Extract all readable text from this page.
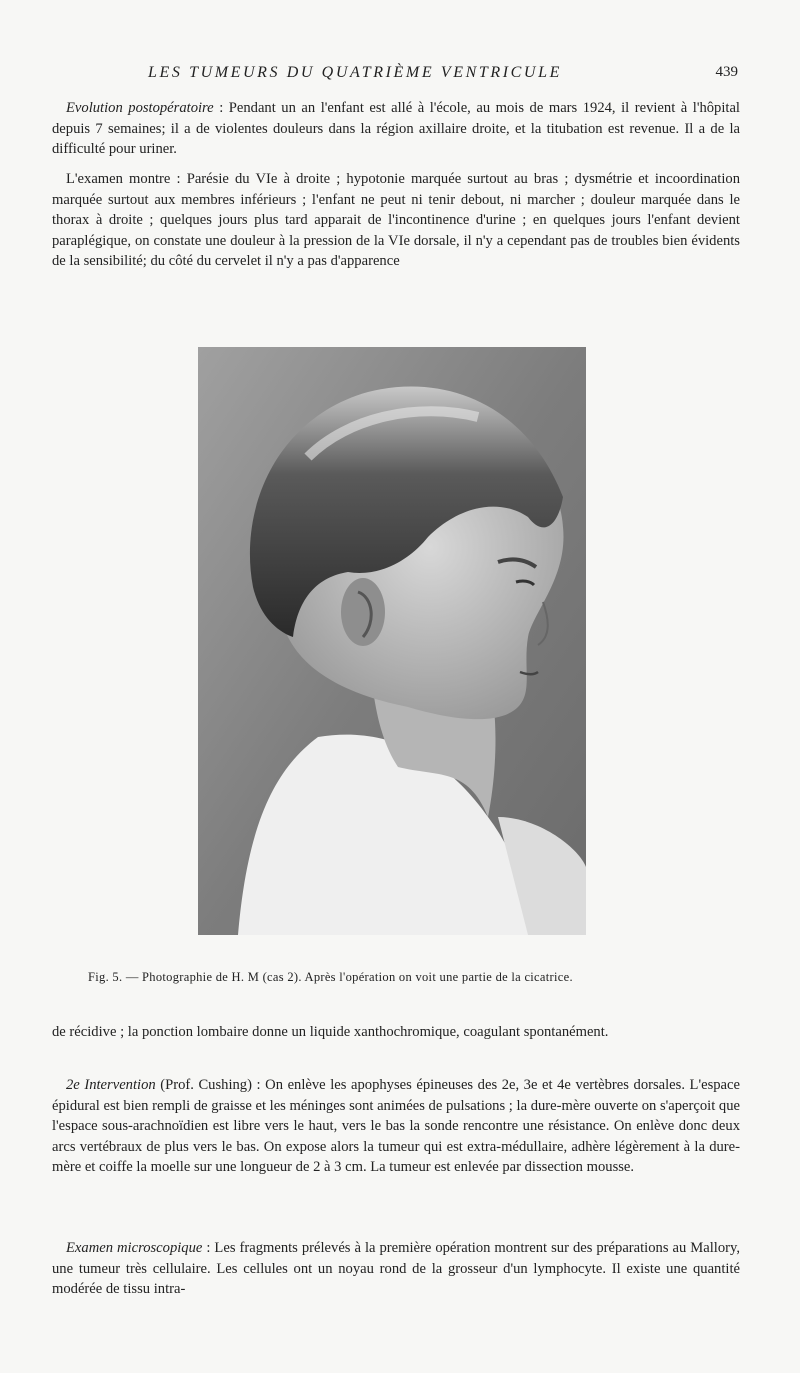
LES TUMEURS DU QUATRIÈME VENTRICULE	439

Evolution postopératoire : Pendant un an l'enfant est allé à l'école, au mois de mars 1924, il revient à l'hôpital depuis 7 semaines; il a de violentes douleurs dans la région axillaire droite, et la titubation est revenue. Il a de la difficulté pour uriner.

L'examen montre : Parésie du VIe à droite ; hypotonie marquée surtout au bras ; dysmétrie et incoordination marquée surtout aux membres inférieurs ; l'enfant ne peut ni tenir debout, ni marcher ; douleur marquée dans le thorax à droite ; quelques jours plus tard apparait de l'incontinence d'urine ; en quelques jours l'enfant devient paraplégique, on constate une douleur à la pression de la VIe dorsale, il n'y a cependant pas de troubles bien évidents de la sensibilité; du côté du cervelet il n'y a pas d'apparence

Fig. 5. — Photographie de H. M (cas 2). Après l'opération on voit une partie de la cicatrice.

de récidive ; la ponction lombaire donne un liquide xanthochromique, coagulant spontanément.

2e Intervention (Prof. Cushing) : On enlève les apophyses épineuses des 2e, 3e et 4e vertèbres dorsales. L'espace épidural est bien rempli de graisse et les méninges sont animées de pulsations ; la dure-mère ouverte on s'aperçoit que l'espace sous-arachnoïdien est libre vers le haut, vers le bas la sonde rencontre une résistance. On enlève donc deux arcs vertébraux de plus vers le bas. On expose alors la tumeur qui est extra-médullaire, adhère légèrement à la dure-mère et coiffe la moelle sur une longueur de 2 à 3 cm. La tumeur est enlevée par dissection mousse.

Examen microscopique : Les fragments prélevés à la première opération montrent sur des préparations au Mallory, une tumeur très cellulaire. Les cellules ont un noyau rond de la grosseur d'un lymphocyte. Il existe une quantité modérée de tissu intra-
